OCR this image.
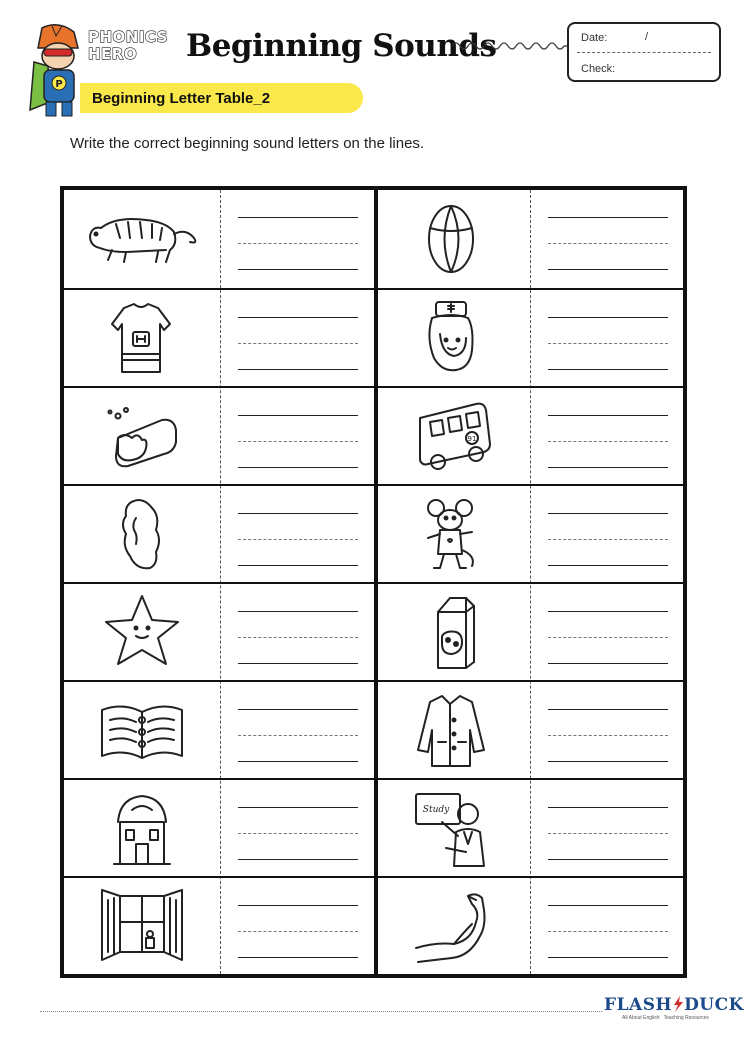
P
PHONICS
HERO Beginning Sounds	Date:	/
Check:
Beginning Letter Table_2
Write the correct beginning sound letters on the lines.
91
Study
FLASH DUCK
All About English Teaching Resources
